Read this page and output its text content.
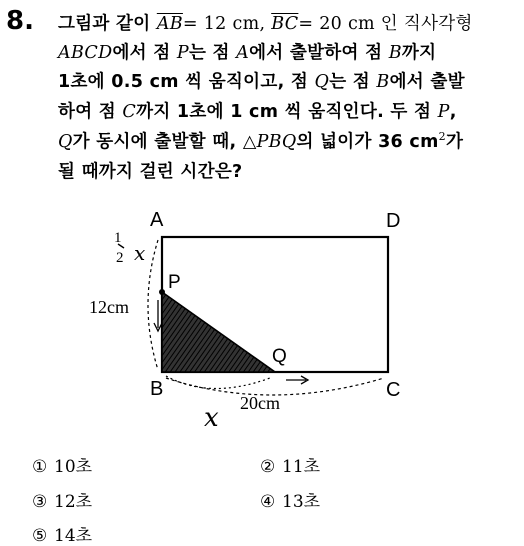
8. 그림과 같이 $\overline{AB}= 12$ cm, $\overline{BC}= 20$ cm 인 직사각형
ABCD에서 점 P는 점 A에서 출발하여 점 B까지
1초에 0.5 cm 씩 움직이고, 점 Q는 점 B에서 출발
하여 점 C까지 1초에 1 cm 씩 움직인다. 두 점 P,
Q가 동시에 출발할 때, △PBQ의 넓이가 36 $cm^2$가
될 때까지 걸린 시간은?
A
B	C
D
P
Q
12cm
20cm
1
2 x
x
① 10초	② 11초
③ 12초	④ 13초
⑤ 14초
